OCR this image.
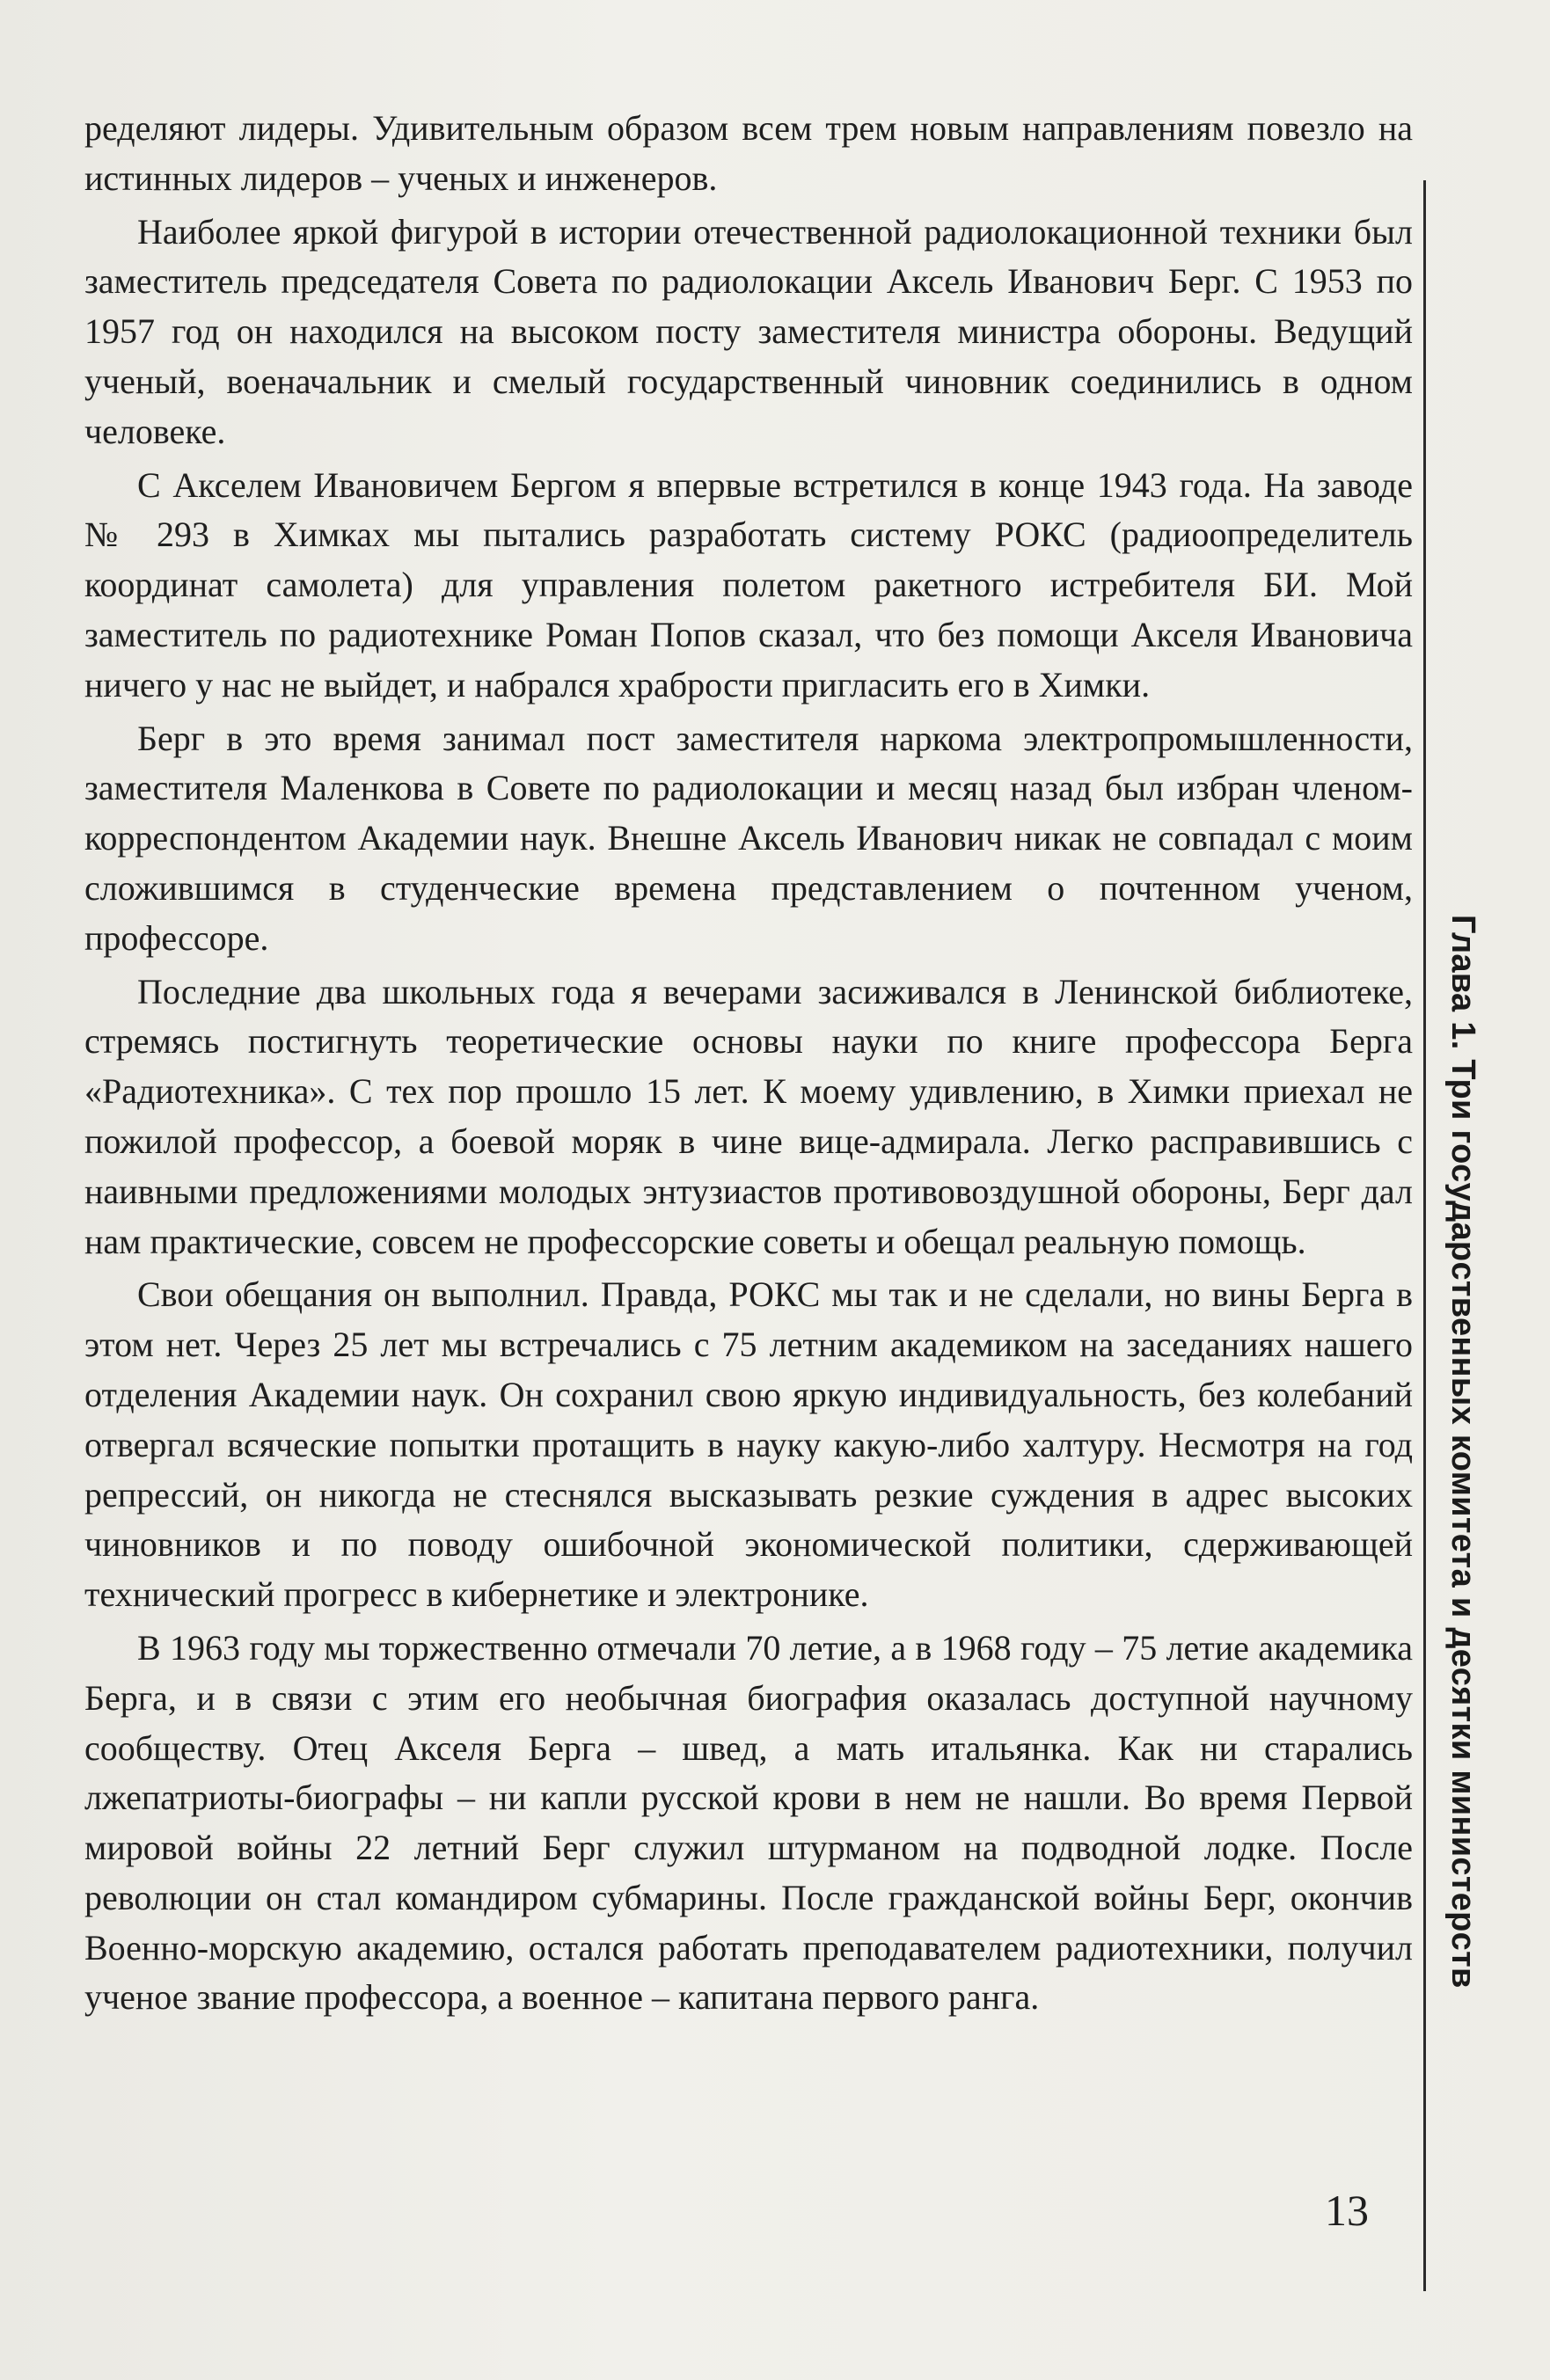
ределяют лидеры. Удивительным образом всем трем новым направлениям повезло на истинных лидеров – ученых и инженеров.

Наиболее яркой фигурой в истории отечественной радиолокационной техники был заместитель председателя Совета по радиолокации Аксель Иванович Берг. С 1953 по 1957 год он находился на высоком посту заместителя министра обороны. Ведущий ученый, военачальник и смелый государственный чиновник соединились в одном человеке.

С Акселем Ивановичем Бергом я впервые встретился в конце 1943 года. На заводе № 293 в Химках мы пытались разработать систему РОКС (радиоопределитель координат самолета) для управления полетом ракетного истребителя БИ. Мой заместитель по радиотехнике Роман Попов сказал, что без помощи Акселя Ивановича ничего у нас не выйдет, и набрался храбрости пригласить его в Химки.

Берг в это время занимал пост заместителя наркома электропромышленности, заместителя Маленкова в Совете по радиолокации и месяц назад был избран членом-корреспондентом Академии наук. Внешне Аксель Иванович никак не совпадал с моим сложившимся в студенческие времена представлением о почтенном ученом, профессоре.

Последние два школьных года я вечерами засиживался в Ленинской библиотеке, стремясь постигнуть теоретические основы науки по книге профессора Берга «Радиотехника». С тех пор прошло 15 лет. К моему удивлению, в Химки приехал не пожилой профессор, а боевой моряк в чине вице-адмирала. Легко расправившись с наивными предложениями молодых энтузиастов противовоздушной обороны, Берг дал нам практические, совсем не профессорские советы и обещал реальную помощь.

Свои обещания он выполнил. Правда, РОКС мы так и не сделали, но вины Берга в этом нет. Через 25 лет мы встречались с 75 летним академиком на заседаниях нашего отделения Академии наук. Он сохранил свою яркую индивидуальность, без колебаний отвергал всяческие попытки протащить в науку какую-либо халтуру. Несмотря на год репрессий, он никогда не стеснялся высказывать резкие суждения в адрес высоких чиновников и по поводу ошибочной экономической политики, сдерживающей технический прогресс в кибернетике и электронике.

В 1963 году мы торжественно отмечали 70 летие, а в 1968 году – 75 летие академика Берга, и в связи с этим его необычная биография оказалась доступной научному сообществу. Отец Акселя Берга – швед, а мать итальянка. Как ни старались лжепатриоты-биографы – ни капли русской крови в нем не нашли. Во время Первой мировой войны 22 летний Берг служил штурманом на подводной лодке. После революции он стал командиром субмарины. После гражданской войны Берг, окончив Военно-морскую академию, остался работать преподавателем радиотехники, получил ученое звание профессора, а военное – капитана первого ранга.

Глава 1. Три государственных комитета и десятки министерств
13
